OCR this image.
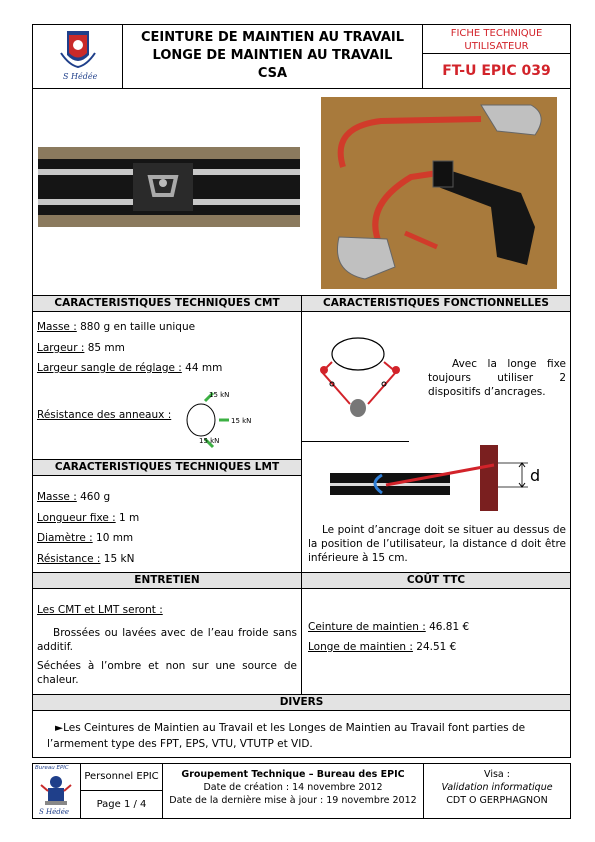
S Hédée
CEINTURE DE MAINTIEN AU TRAVAIL
LONGE DE MAINTIEN AU TRAVAIL
CSA
FICHE TECHNIQUE
UTILISATEUR
FT-U EPIC 039
CARACTERISTIQUES TECHNIQUES CMT	CARACTERISTIQUES FONCTIONNELLES
Masse : 880 g en taille unique
Largeur : 85 mm
Largeur sangle de réglage : 44 mm
Résistance des anneaux :
15 kN
15 kN
15 kN
Avec la longe fixe toujours utiliser 2 dispositifs d’ancrages.
d
Le point d’ancrage doit se situer au dessus de la position de l’utilisateur, la distance d doit être inférieure à 15 cm.
CARACTERISTIQUES TECHNIQUES LMT
Masse : 460 g
Longueur fixe : 1 m
Diamètre : 10 mm
Résistance : 15 kN
ENTRETIEN	COÛT TTC
Les CMT et LMT seront :
Brossées ou lavées avec de l’eau froide sans additif.
Séchées à l’ombre et non sur une source de chaleur.
Ceinture de maintien : 46.81 €
Longe de maintien : 24.51 €
DIVERS
►Les Ceintures de Maintien au Travail et les Longes de Maintien au Travail font parties de l’armement type des FPT, EPS, VTU, VTUTP et VID.
Bureau EPIC
S Hédée
Personnel EPIC
Page 1 / 4
Groupement Technique – Bureau des EPIC
Date de création : 14 novembre 2012
Date de la dernière mise à jour : 19 novembre 2012
Visa :
Validation informatique
CDT O GERPHAGNON
